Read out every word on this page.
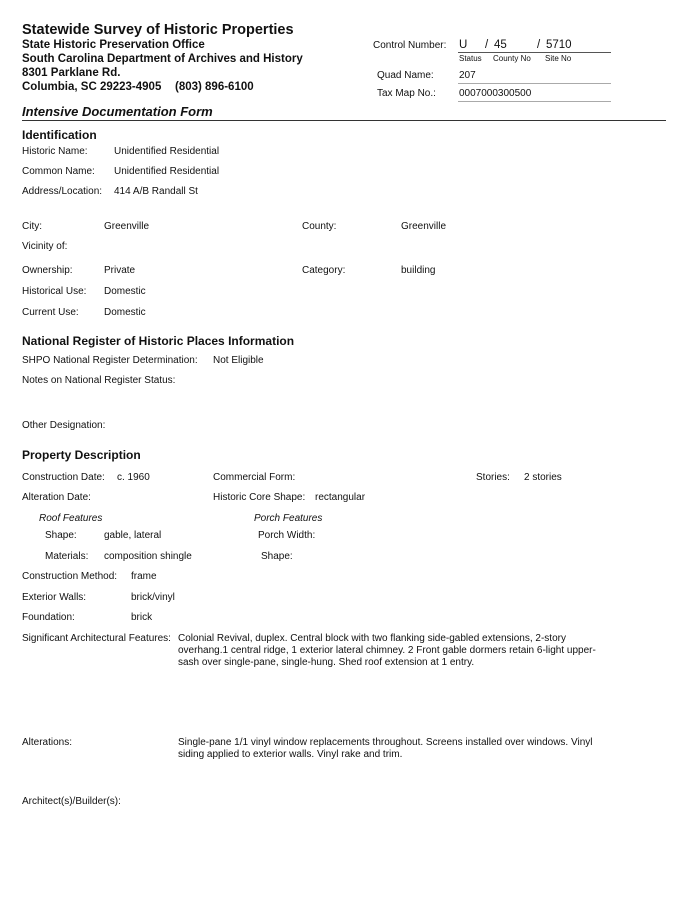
Statewide Survey of Historic Properties
State Historic Preservation Office
South Carolina Department of Archives and History
8301 Parklane Rd.
Columbia, SC 29223-4905 (803) 896-6100
Control Number: U / 45	/ 5710
Status County No Site No
Quad Name:	207
Tax Map No.: 0007000300500
Intensive Documentation Form
Identification
Historic Name:	Unidentified Residential
Common Name: Unidentified Residential
Address/Location: 414 A/B Randall St
City:	Greenville	County:	Greenville
Vicinity of:
Ownership:	Private	Category:	building
Historical Use: Domestic
Current Use:	Domestic
National Register of Historic Places Information
SHPO National Register Determination: Not Eligible
Notes on National Register Status:
Other Designation:
Property Description
Construction Date: c. 1960	Commercial Form:	Stories: 2 stories
Alteration Date:	Historic Core Shape: rectangular
Roof Features	Porch Features
Shape:	gable, lateral	Porch Width:
Materials: composition shingle	Shape:
Construction Method: frame
Exterior Walls:	brick/vinyl
Foundation:	brick
Significant Architectural Features: Colonial Revival, duplex. Central block with two flanking side-gabled extensions, 2-story overhang.1 central ridge, 1 exterior lateral chimney. 2 Front gable dormers retain 6-light upper-sash over single-pane, single-hung. Shed roof extension at 1 entry.
Alterations:	Single-pane 1/1 vinyl window replacements throughout. Screens installed over windows. Vinyl siding applied to exterior walls. Vinyl rake and trim.
Architect(s)/Builder(s):
